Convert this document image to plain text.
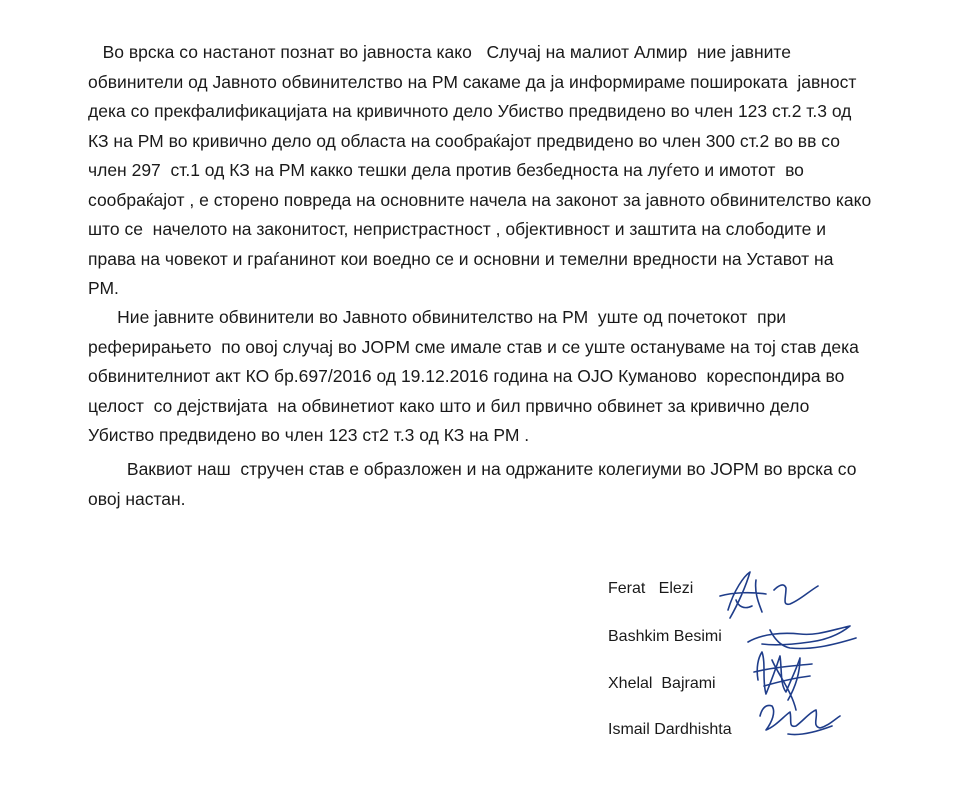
Во врска со настанот познат во јавноста како   Случај на малиот Алмир  ние јавните
обвинители од Јавното обвинителство на РМ сакаме да ја информираме пошироката  јавност
дека со прекфалификацијата на кривичното дело Убиство предвидено во член 123 ст.2 т.3 од
КЗ на РМ во кривично дело од областа на сообраќајот предвидено во член 300 ст.2 во вв со
член 297  ст.1 од КЗ на РМ какко тешки дела против безбедноста на луѓето и имотот  во
сообраќајот , е сторено повреда на основните начела на законот за јавното обвинителство како
што се  начелото на законитост, непристрастност , објективност и заштита на слободите и
права на човекот и граѓанинот кои воедно се и основни и темелни вредности на Уставот на
РМ.
Ние јавните обвинители во Јавното обвинителство на РМ  уште од почетокот  при
реферирањето  по овој случај во ЈОРМ сме имале став и се уште остануваме на тој став дека
обвинителниот акт КО бр.697/2016 од 19.12.2016 година на ОЈО Куманово  кореспондира во
целост  со дејствијата  на обвинетиот како што и бил првично обвинет за кривично дело
Убиство предвидено во член 123 ст2 т.3 од КЗ на РМ .
Ваквиот наш  стручен став е образложен и на одржаните колегиуми во ЈОРМ во врска со
овој настан.
Ferat   Elezi
Bashkim Besimi
Xhelal  Bajrami
Ismail Dardhishta
